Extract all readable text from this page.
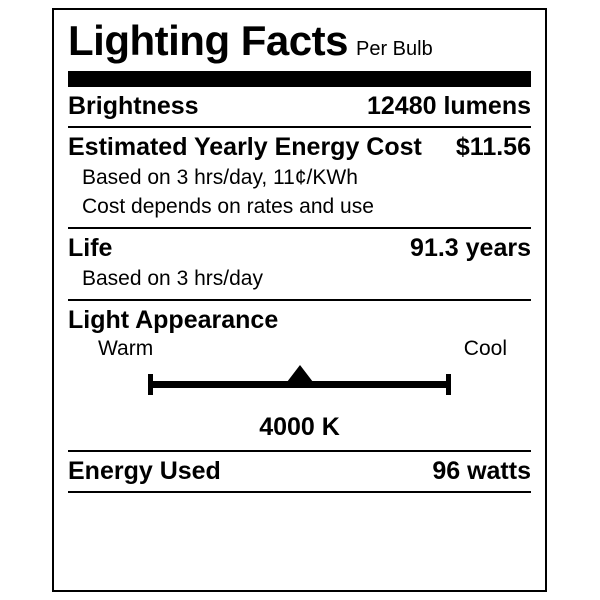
Lighting Facts Per Bulb
Brightness	12480 lumens
Estimated Yearly Energy Cost $11.56
Based on 3 hrs/day, 11¢/KWh
Cost depends on rates and use
Life	91.3 years
Based on 3 hrs/day
Light Appearance
Warm	Cool
4000 K
Energy Used	96 watts
